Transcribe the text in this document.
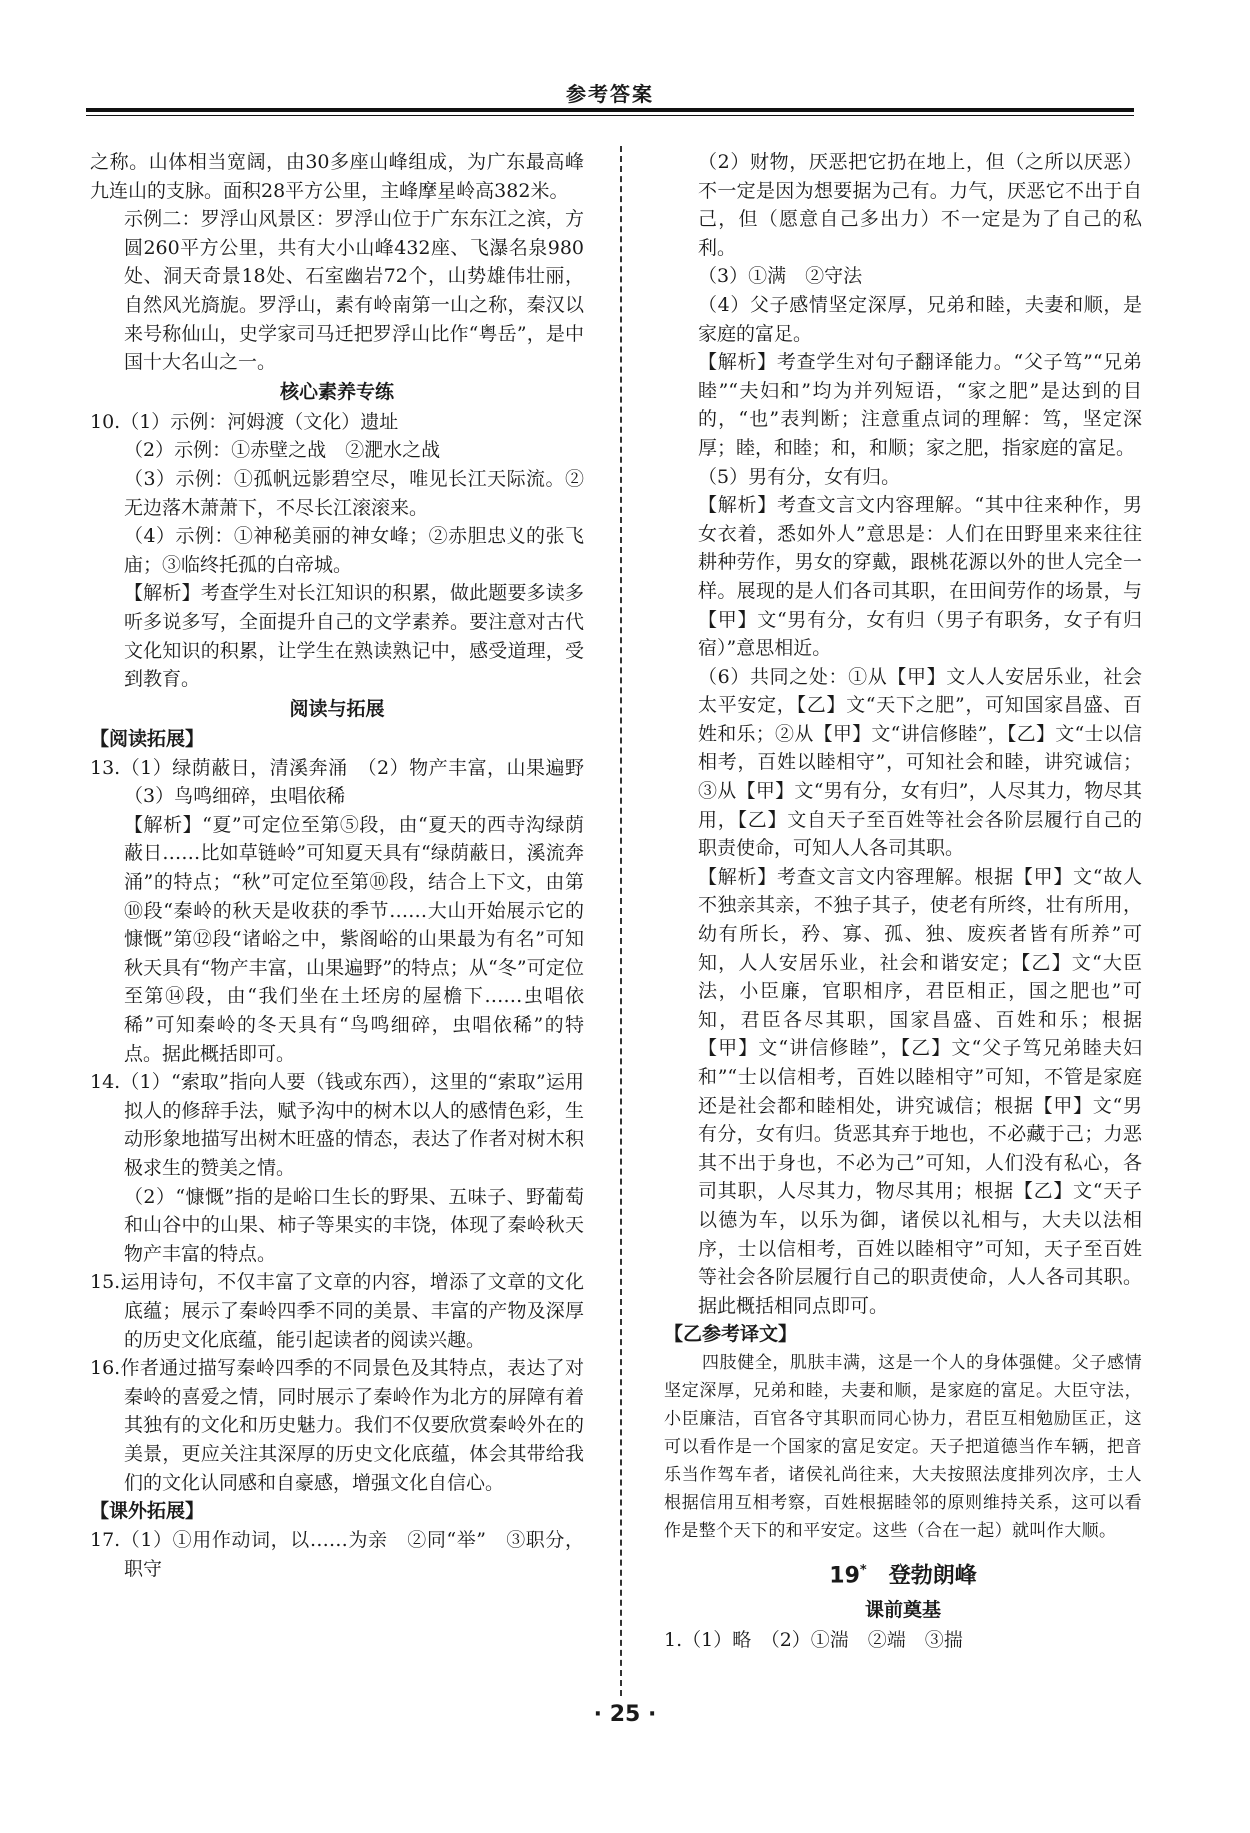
参考答案

之称。山体相当宽阔，由30多座山峰组成，为广东最高峰九连山的支脉。面积28平方公里，主峰摩星岭高382米。

示例二：罗浮山风景区：罗浮山位于广东东江之滨，方圆260平方公里，共有大小山峰432座、飞瀑名泉980处、洞天奇景18处、石室幽岩72个，山势雄伟壮丽，自然风光旖旎。罗浮山，素有岭南第一山之称，秦汉以来号称仙山，史学家司马迁把罗浮山比作“粤岳”，是中国十大名山之一。

核心素养专练

10.（1）示例：河姆渡（文化）遗址

（2）示例：①赤壁之战　②淝水之战

（3）示例：①孤帆远影碧空尽，唯见长江天际流。②无边落木萧萧下，不尽长江滚滚来。

（4）示例：①神秘美丽的神女峰；②赤胆忠义的张飞庙；③临终托孤的白帝城。

【解析】考查学生对长江知识的积累，做此题要多读多听多说多写，全面提升自己的文学素养。要注意对古代文化知识的积累，让学生在熟读熟记中，感受道理，受到教育。

阅读与拓展

【阅读拓展】

13.（1）绿荫蔽日，清溪奔涌　（2）物产丰富，山果遍野　（3）鸟鸣细碎，虫唱依稀

【解析】“夏”可定位至第⑤段，由“夏天的西寺沟绿荫蔽日……比如草链岭”可知夏天具有“绿荫蔽日，溪流奔涌”的特点；“秋”可定位至第⑩段，结合上下文，由第⑩段“秦岭的秋天是收获的季节……大山开始展示它的慷慨”第⑫段“诸峪之中，紫阁峪的山果最为有名”可知秋天具有“物产丰富，山果遍野”的特点；从“冬”可定位至第⑭段，由“我们坐在土坯房的屋檐下……虫唱依稀”可知秦岭的冬天具有“鸟鸣细碎，虫唱依稀”的特点。据此概括即可。

14.（1）“索取”指向人要（钱或东西），这里的“索取”运用拟人的修辞手法，赋予沟中的树木以人的感情色彩，生动形象地描写出树木旺盛的情态，表达了作者对树木积极求生的赞美之情。

（2）“慷慨”指的是峪口生长的野果、五味子、野葡萄和山谷中的山果、柿子等果实的丰饶，体现了秦岭秋天物产丰富的特点。

15.运用诗句，不仅丰富了文章的内容，增添了文章的文化底蕴；展示了秦岭四季不同的美景、丰富的产物及深厚的历史文化底蕴，能引起读者的阅读兴趣。

16.作者通过描写秦岭四季的不同景色及其特点，表达了对秦岭的喜爱之情，同时展示了秦岭作为北方的屏障有着其独有的文化和历史魅力。我们不仅要欣赏秦岭外在的美景，更应关注其深厚的历史文化底蕴，体会其带给我们的文化认同感和自豪感，增强文化自信心。

【课外拓展】

17.（1）①用作动词，以……为亲　②同“举”　③职分，职守

（2）财物，厌恶把它扔在地上，但（之所以厌恶）不一定是因为想要据为己有。力气，厌恶它不出于自己，但（愿意自己多出力）不一定是为了自己的私利。

（3）①满　②守法

（4）父子感情坚定深厚，兄弟和睦，夫妻和顺，是家庭的富足。

【解析】考查学生对句子翻译能力。“父子笃”“兄弟睦”“夫妇和”均为并列短语，“家之肥”是达到的目的，“也”表判断；注意重点词的理解：笃，坚定深厚；睦，和睦；和，和顺；家之肥，指家庭的富足。

（5）男有分，女有归。

【解析】考查文言文内容理解。“其中往来种作，男女衣着，悉如外人”意思是：人们在田野里来来往往耕种劳作，男女的穿戴，跟桃花源以外的世人完全一样。展现的是人们各司其职，在田间劳作的场景，与【甲】文“男有分，女有归（男子有职务，女子有归宿）”意思相近。

（6）共同之处：①从【甲】文人人安居乐业，社会太平安定，【乙】文“天下之肥”，可知国家昌盛、百姓和乐；②从【甲】文“讲信修睦”，【乙】文“士以信相考，百姓以睦相守”，可知社会和睦，讲究诚信；③从【甲】文“男有分，女有归”，人尽其力，物尽其用，【乙】文自天子至百姓等社会各阶层履行自己的职责使命，可知人人各司其职。

【解析】考查文言文内容理解。根据【甲】文“故人不独亲其亲，不独子其子，使老有所终，壮有所用，幼有所长，矜、寡、孤、独、废疾者皆有所养”可知，人人安居乐业，社会和谐安定；【乙】文“大臣法，小臣廉，官职相序，君臣相正，国之肥也”可知，君臣各尽其职，国家昌盛、百姓和乐；根据【甲】文“讲信修睦”，【乙】文“父子笃兄弟睦夫妇和”“士以信相考，百姓以睦相守”可知，不管是家庭还是社会都和睦相处，讲究诚信；根据【甲】文“男有分，女有归。货恶其弃于地也，不必藏于己；力恶其不出于身也，不必为己”可知，人们没有私心，各司其职，人尽其力，物尽其用；根据【乙】文“天子以德为车，以乐为御，诸侯以礼相与，大夫以法相序，士以信相考，百姓以睦相守”可知，天子至百姓等社会各阶层履行自己的职责使命，人人各司其职。据此概括相同点即可。

【乙参考译文】

四肢健全，肌肤丰满，这是一个人的身体强健。父子感情坚定深厚，兄弟和睦，夫妻和顺，是家庭的富足。大臣守法，小臣廉洁，百官各守其职而同心协力，君臣互相勉励匡正，这可以看作是一个国家的富足安定。天子把道德当作车辆，把音乐当作驾车者，诸侯礼尚往来，大夫按照法度排列次序，士人根据信用互相考察，百姓根据睦邻的原则维持关系，这可以看作是整个天下的和平安定。这些（合在一起）就叫作大顺。

19*　 登勃朗峰

课前奠基

1.（1）略　（2）①湍　②端　③揣

· 25 ·
